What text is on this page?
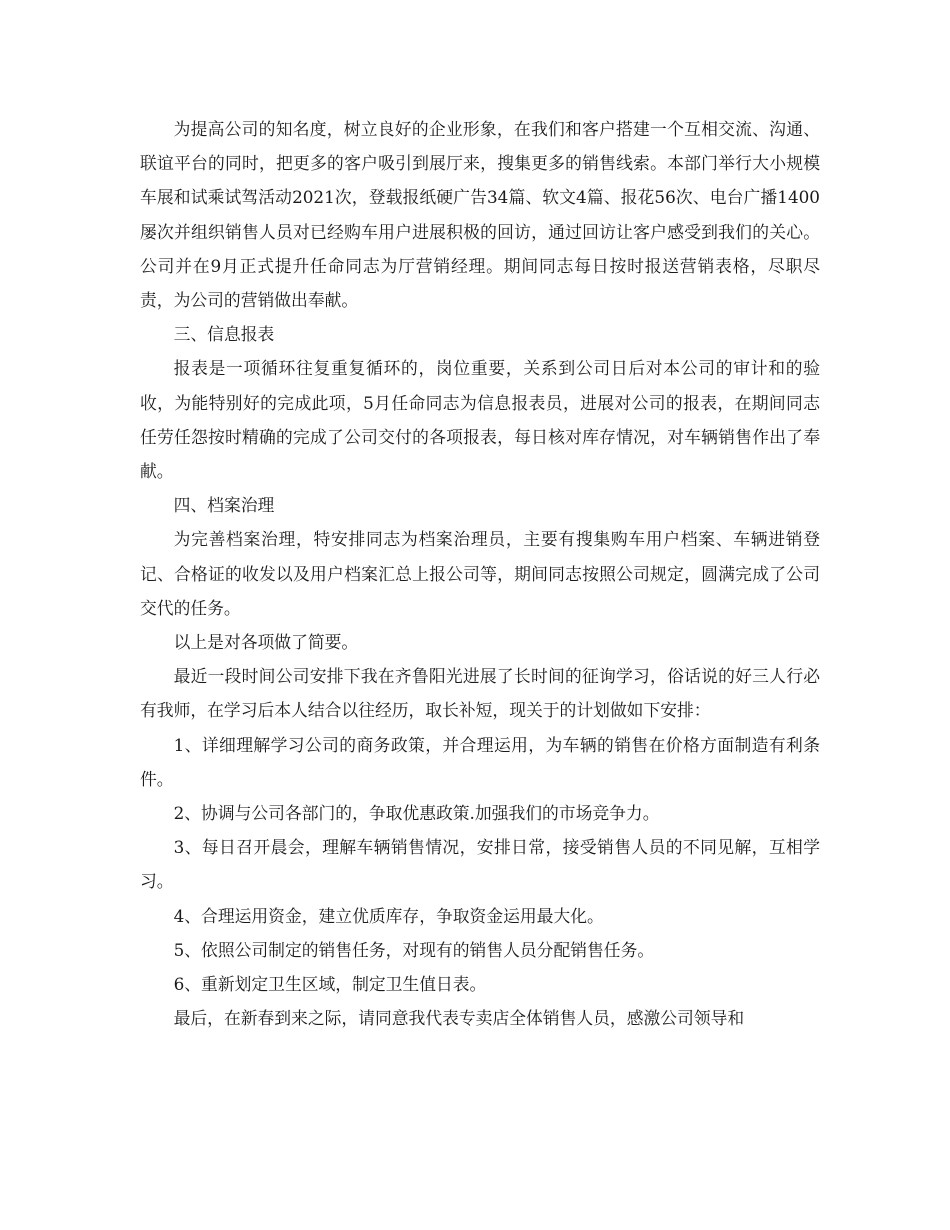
为提高公司的知名度，树立良好的企业形象，在我们和客户搭建一个互相交流、沟通、联谊平台的同时，把更多的客户吸引到展厅来，搜集更多的销售线索。本部门举行大小规模车展和试乘试驾活动2021次，登载报纸硬广告34篇、软文4篇、报花56次、电台广播1400屡次并组织销售人员对已经购车用户进展积极的回访，通过回访让客户感受到我们的关心。公司并在9月正式提升任命同志为厅营销经理。期间同志每日按时报送营销表格，尽职尽责，为公司的营销做出奉献。

三、信息报表

报表是一项循环往复重复循环的，岗位重要，关系到公司日后对本公司的审计和的验收，为能特别好的完成此项，5月任命同志为信息报表员，进展对公司的报表，在期间同志任劳任怨按时精确的完成了公司交付的各项报表，每日核对库存情况，对车辆销售作出了奉献。

四、档案治理

为完善档案治理，特安排同志为档案治理员，主要有搜集购车用户档案、车辆进销登记、合格证的收发以及用户档案汇总上报公司等，期间同志按照公司规定，圆满完成了公司交代的任务。

以上是对各项做了简要。

最近一段时间公司安排下我在齐鲁阳光进展了长时间的征询学习，俗话说的好三人行必有我师，在学习后本人结合以往经历，取长补短，现关于的计划做如下安排：

1、详细理解学习公司的商务政策，并合理运用，为车辆的销售在价格方面制造有利条件。

2、协调与公司各部门的，争取优惠政策.加强我们的市场竞争力。

3、每日召开晨会，理解车辆销售情况，安排日常，接受销售人员的不同见解，互相学习。

4、合理运用资金，建立优质库存，争取资金运用最大化。

5、依照公司制定的销售任务，对现有的销售人员分配销售任务。

6、重新划定卫生区域，制定卫生值日表。

最后，在新春到来之际，请同意我代表专卖店全体销售人员，感激公司领导和
